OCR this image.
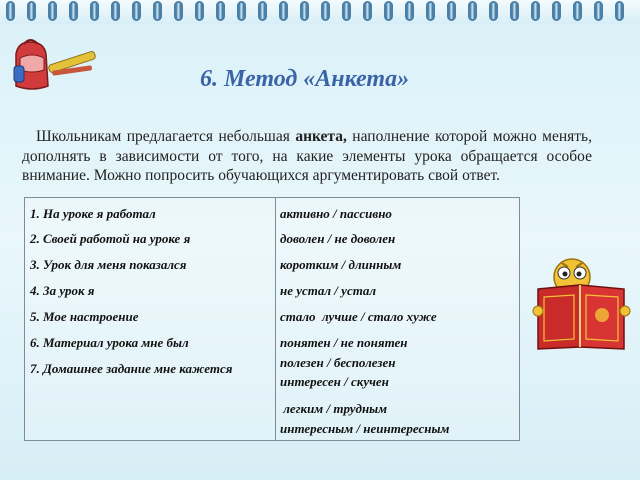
6. Метод «Анкета»

Школьникам предлагается небольшая анкета, наполнение которой можно менять, дополнять в зависимости от того, на какие элементы урока обращается особое внимание. Можно попросить обучающихся аргументировать свой ответ.

1. На уроке я работал
2. Своей работой на уроке я
3. Урок для меня показался
4. За урок я
5. Мое настроение
6. Материал урока мне был
7. Домашнее задание мне кажется
активно / пассивно
доволен / не доволен
коротким / длинным
не устал / устал
стало  лучше / стало хуже
понятен / не понятен
полезен / бесполезен
интересен / скучен
легким / трудным
интересным / неинтересным
